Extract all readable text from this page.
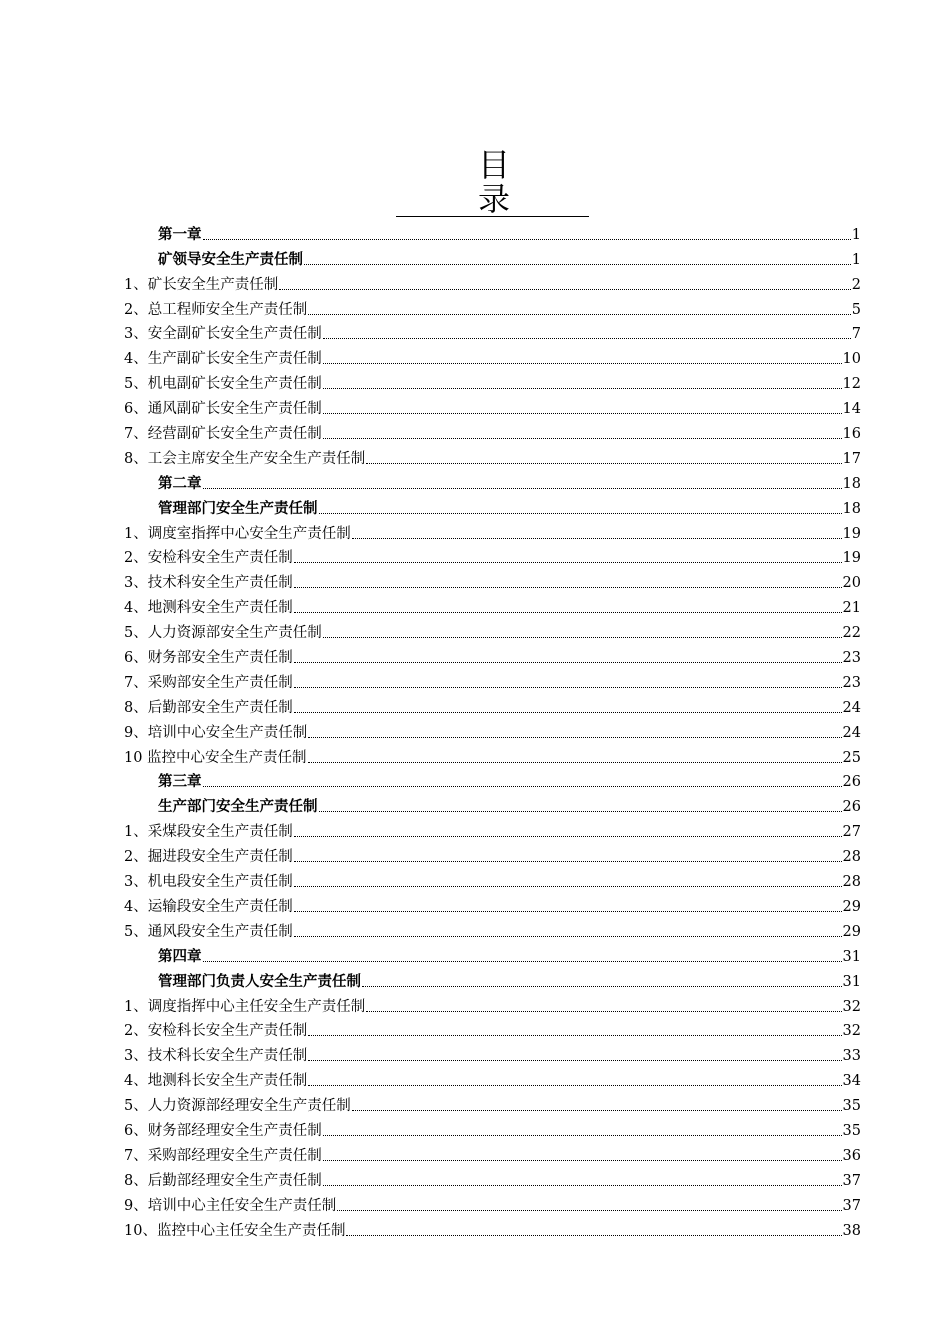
目　录
第一章	1
矿领导安全生产责任制	1
1、矿长安全生产责任制	2
2、总工程师安全生产责任制	5
3、安全副矿长安全生产责任制	7
4、生产副矿长安全生产责任制	10
5、机电副矿长安全生产责任制	12
6、通风副矿长安全生产责任制	14
7、经营副矿长安全生产责任制	16
8、工会主席安全生产安全生产责任制	17
第二章	18
管理部门安全生产责任制	18
1、调度室指挥中心安全生产责任制	19
2、安检科安全生产责任制	19
3、技术科安全生产责任制	20
4、地测科安全生产责任制	21
5、人力资源部安全生产责任制	22
6、财务部安全生产责任制	23
7、采购部安全生产责任制	23
8、后勤部安全生产责任制	24
9、培训中心安全生产责任制	24
10 监控中心安全生产责任制	25
第三章	26
生产部门安全生产责任制	26
1、采煤段安全生产责任制	27
2、掘进段安全生产责任制	28
3、机电段安全生产责任制	28
4、运输段安全生产责任制	29
5、通风段安全生产责任制	29
第四章	31
管理部门负责人安全生产责任制	31
1、调度指挥中心主任安全生产责任制	32
2、安检科长安全生产责任制	32
3、技术科长安全生产责任制	33
4、地测科长安全生产责任制	34
5、人力资源部经理安全生产责任制	35
6、财务部经理安全生产责任制	35
7、采购部经理安全生产责任制	36
8、后勤部经理安全生产责任制	37
9、培训中心主任安全生产责任制	37
10、监控中心主任安全生产责任制	38
